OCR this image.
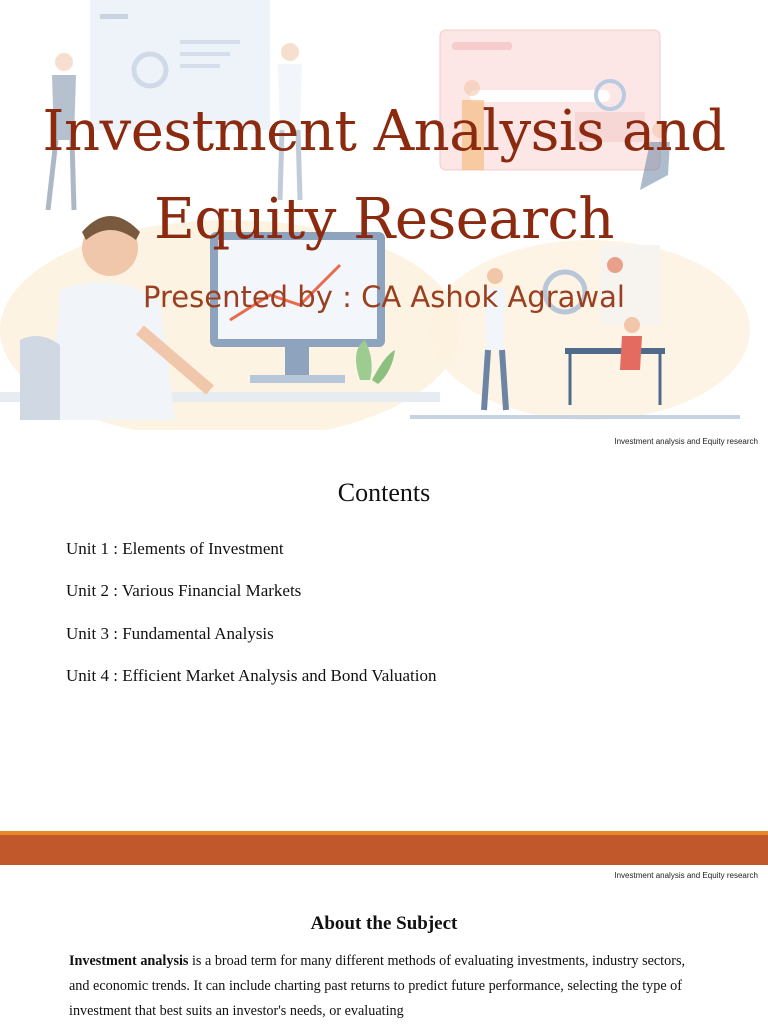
Investment Analysis and
Equity Research
Presented by : CA Ashok Agrawal
Investment analysis and Equity research
Contents
Unit 1 : Elements of Investment
Unit 2 : Various Financial Markets
Unit 3 : Fundamental Analysis
Unit 4 : Efficient Market Analysis and Bond Valuation
Investment analysis and Equity research
About the Subject

Investment analysis is a broad term for many different methods of evaluating investments, industry sectors, and economic trends. It can include charting past returns to predict future performance, selecting the type of investment that best suits an investor's needs, or evaluating
